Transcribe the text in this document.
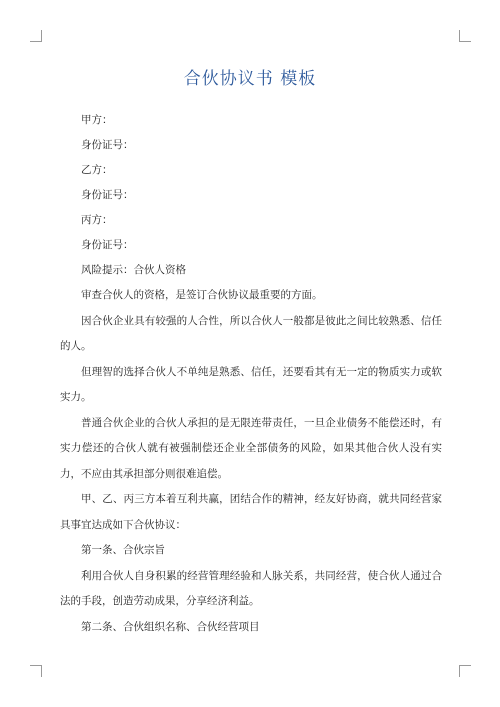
合伙协议书 模板
甲方：
身份证号：
乙方：
身份证号：
丙方：
身份证号：
风险提示：合伙人资格

审查合伙人的资格，是签订合伙协议最重要的方面。

因合伙企业具有较强的人合性，所以合伙人一般都是彼此之间比较熟悉、信任的人。

但理智的选择合伙人不单纯是熟悉、信任，还要看其有无一定的物质实力或软实力。

普通合伙企业的合伙人承担的是无限连带责任，一旦企业债务不能偿还时，有实力偿还的合伙人就有被强制偿还企业全部债务的风险，如果其他合伙人没有实力，不应由其承担部分则很难追偿。

甲、乙、丙三方本着互利共赢，团结合作的精神，经友好协商，就共同经营家具事宜达成如下合伙协议：

第一条、合伙宗旨

利用合伙人自身积累的经营管理经验和人脉关系，共同经营，使合伙人通过合法的手段，创造劳动成果，分享经济利益。

第二条、合伙组织名称、合伙经营项目
